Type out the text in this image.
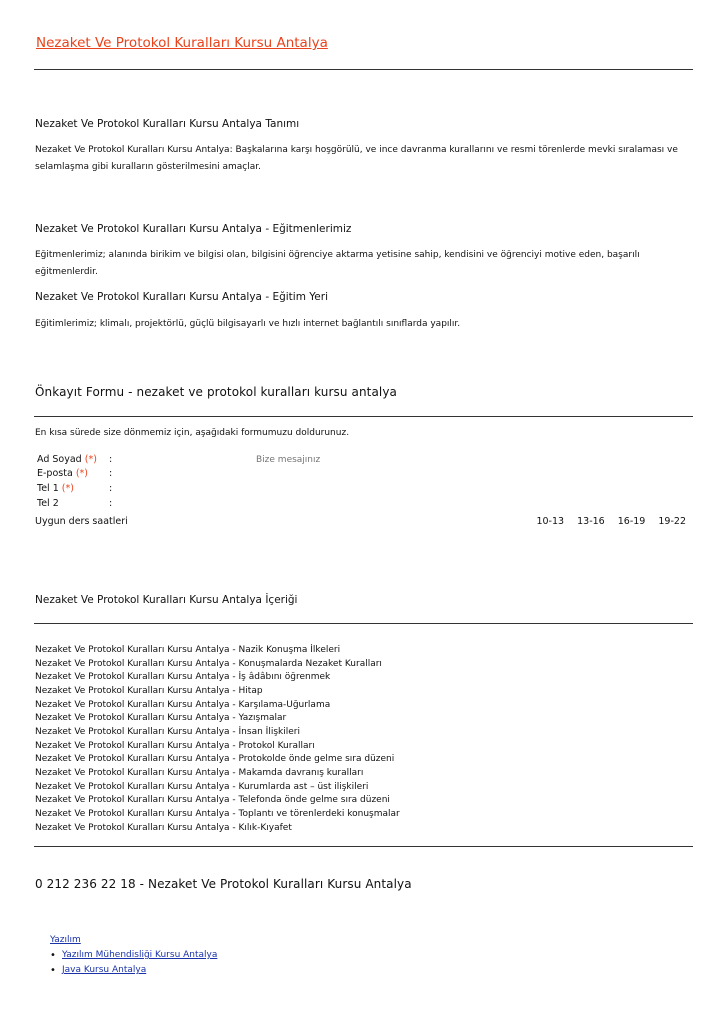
Nezaket Ve Protokol Kuralları Kursu Antalya
Nezaket Ve Protokol Kuralları Kursu Antalya Tanımı
Nezaket Ve Protokol Kuralları Kursu Antalya: Başkalarına karşı hoşgörülü, ve ince davranma kurallarını ve resmi törenlerde mevki sıralaması ve selamlaşma gibi kuralların gösterilmesini amaçlar.
Nezaket Ve Protokol Kuralları Kursu Antalya - Eğitmenlerimiz
Eğitmenlerimiz; alanında birikim ve bilgisi olan, bilgisini öğrenciye aktarma yetisine sahip, kendisini ve öğrenciyi motive eden, başarılı eğitmenlerdir.
Nezaket Ve Protokol Kuralları Kursu Antalya - Eğitim Yeri
Eğitimlerimiz; klimalı, projektörlü, güçlü bilgisayarlı ve hızlı internet bağlantılı sınıflarda yapılır.
Önkayıt Formu - nezaket ve protokol kuralları kursu antalya
En kısa sürede size dönmemiz için, aşağıdaki formumuzu doldurunuz.
Ad Soyad (*) :
E-posta (*) :
Tel 1 (*)	:
Tel 2	:
Bize mesajınız
Uygun ders saatleri	10-13 13-16 16-19 19-22
Nezaket Ve Protokol Kuralları Kursu Antalya İçeriği
Nezaket Ve Protokol Kuralları Kursu Antalya - Nazik Konuşma İlkeleri
Nezaket Ve Protokol Kuralları Kursu Antalya - Konuşmalarda Nezaket Kuralları
Nezaket Ve Protokol Kuralları Kursu Antalya - İş âdâbını öğrenmek
Nezaket Ve Protokol Kuralları Kursu Antalya - Hitap
Nezaket Ve Protokol Kuralları Kursu Antalya - Karşılama-Uğurlama
Nezaket Ve Protokol Kuralları Kursu Antalya - Yazışmalar
Nezaket Ve Protokol Kuralları Kursu Antalya - İnsan İlişkileri
Nezaket Ve Protokol Kuralları Kursu Antalya - Protokol Kuralları
Nezaket Ve Protokol Kuralları Kursu Antalya - Protokolde önde gelme sıra düzeni
Nezaket Ve Protokol Kuralları Kursu Antalya - Makamda davranış kuralları
Nezaket Ve Protokol Kuralları Kursu Antalya - Kurumlarda ast – üst ilişkileri
Nezaket Ve Protokol Kuralları Kursu Antalya - Telefonda önde gelme sıra düzeni
Nezaket Ve Protokol Kuralları Kursu Antalya - Toplantı ve törenlerdeki konuşmalar
Nezaket Ve Protokol Kuralları Kursu Antalya - Kılık-Kıyafet
0 212 236 22 18 - Nezaket Ve Protokol Kuralları Kursu Antalya
Yazılım
• Yazılım Mühendisliği Kursu Antalya
• Java Kursu Antalya
